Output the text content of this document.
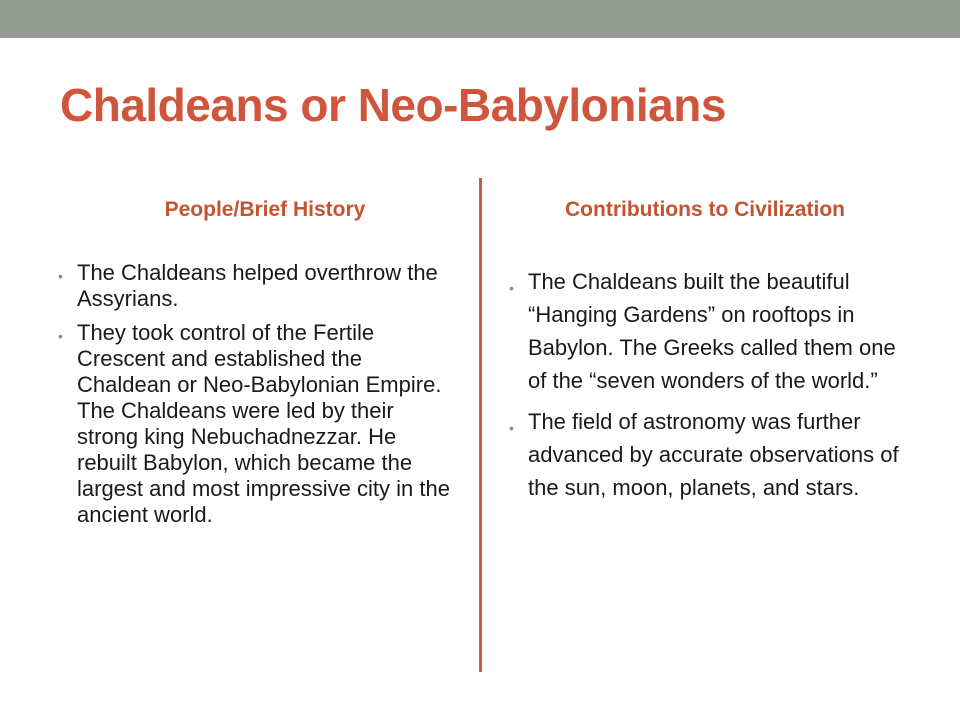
Chaldeans or Neo-Babylonians
People/Brief History	Contributions to Civilization
• The Chaldeans helped overthrow the Assyrians.
• They took control of the Fertile Crescent and established the Chaldean or Neo-Babylonian Empire. The Chaldeans were led by their strong king Nebuchadnezzar. He rebuilt Babylon, which became the largest and most impressive city in the ancient world.
• The Chaldeans built the beautiful “Hanging Gardens” on rooftops in Babylon. The Greeks called them one of the “seven wonders of the world.”
• The field of astronomy was further advanced by accurate observations of the sun, moon, planets, and stars.
